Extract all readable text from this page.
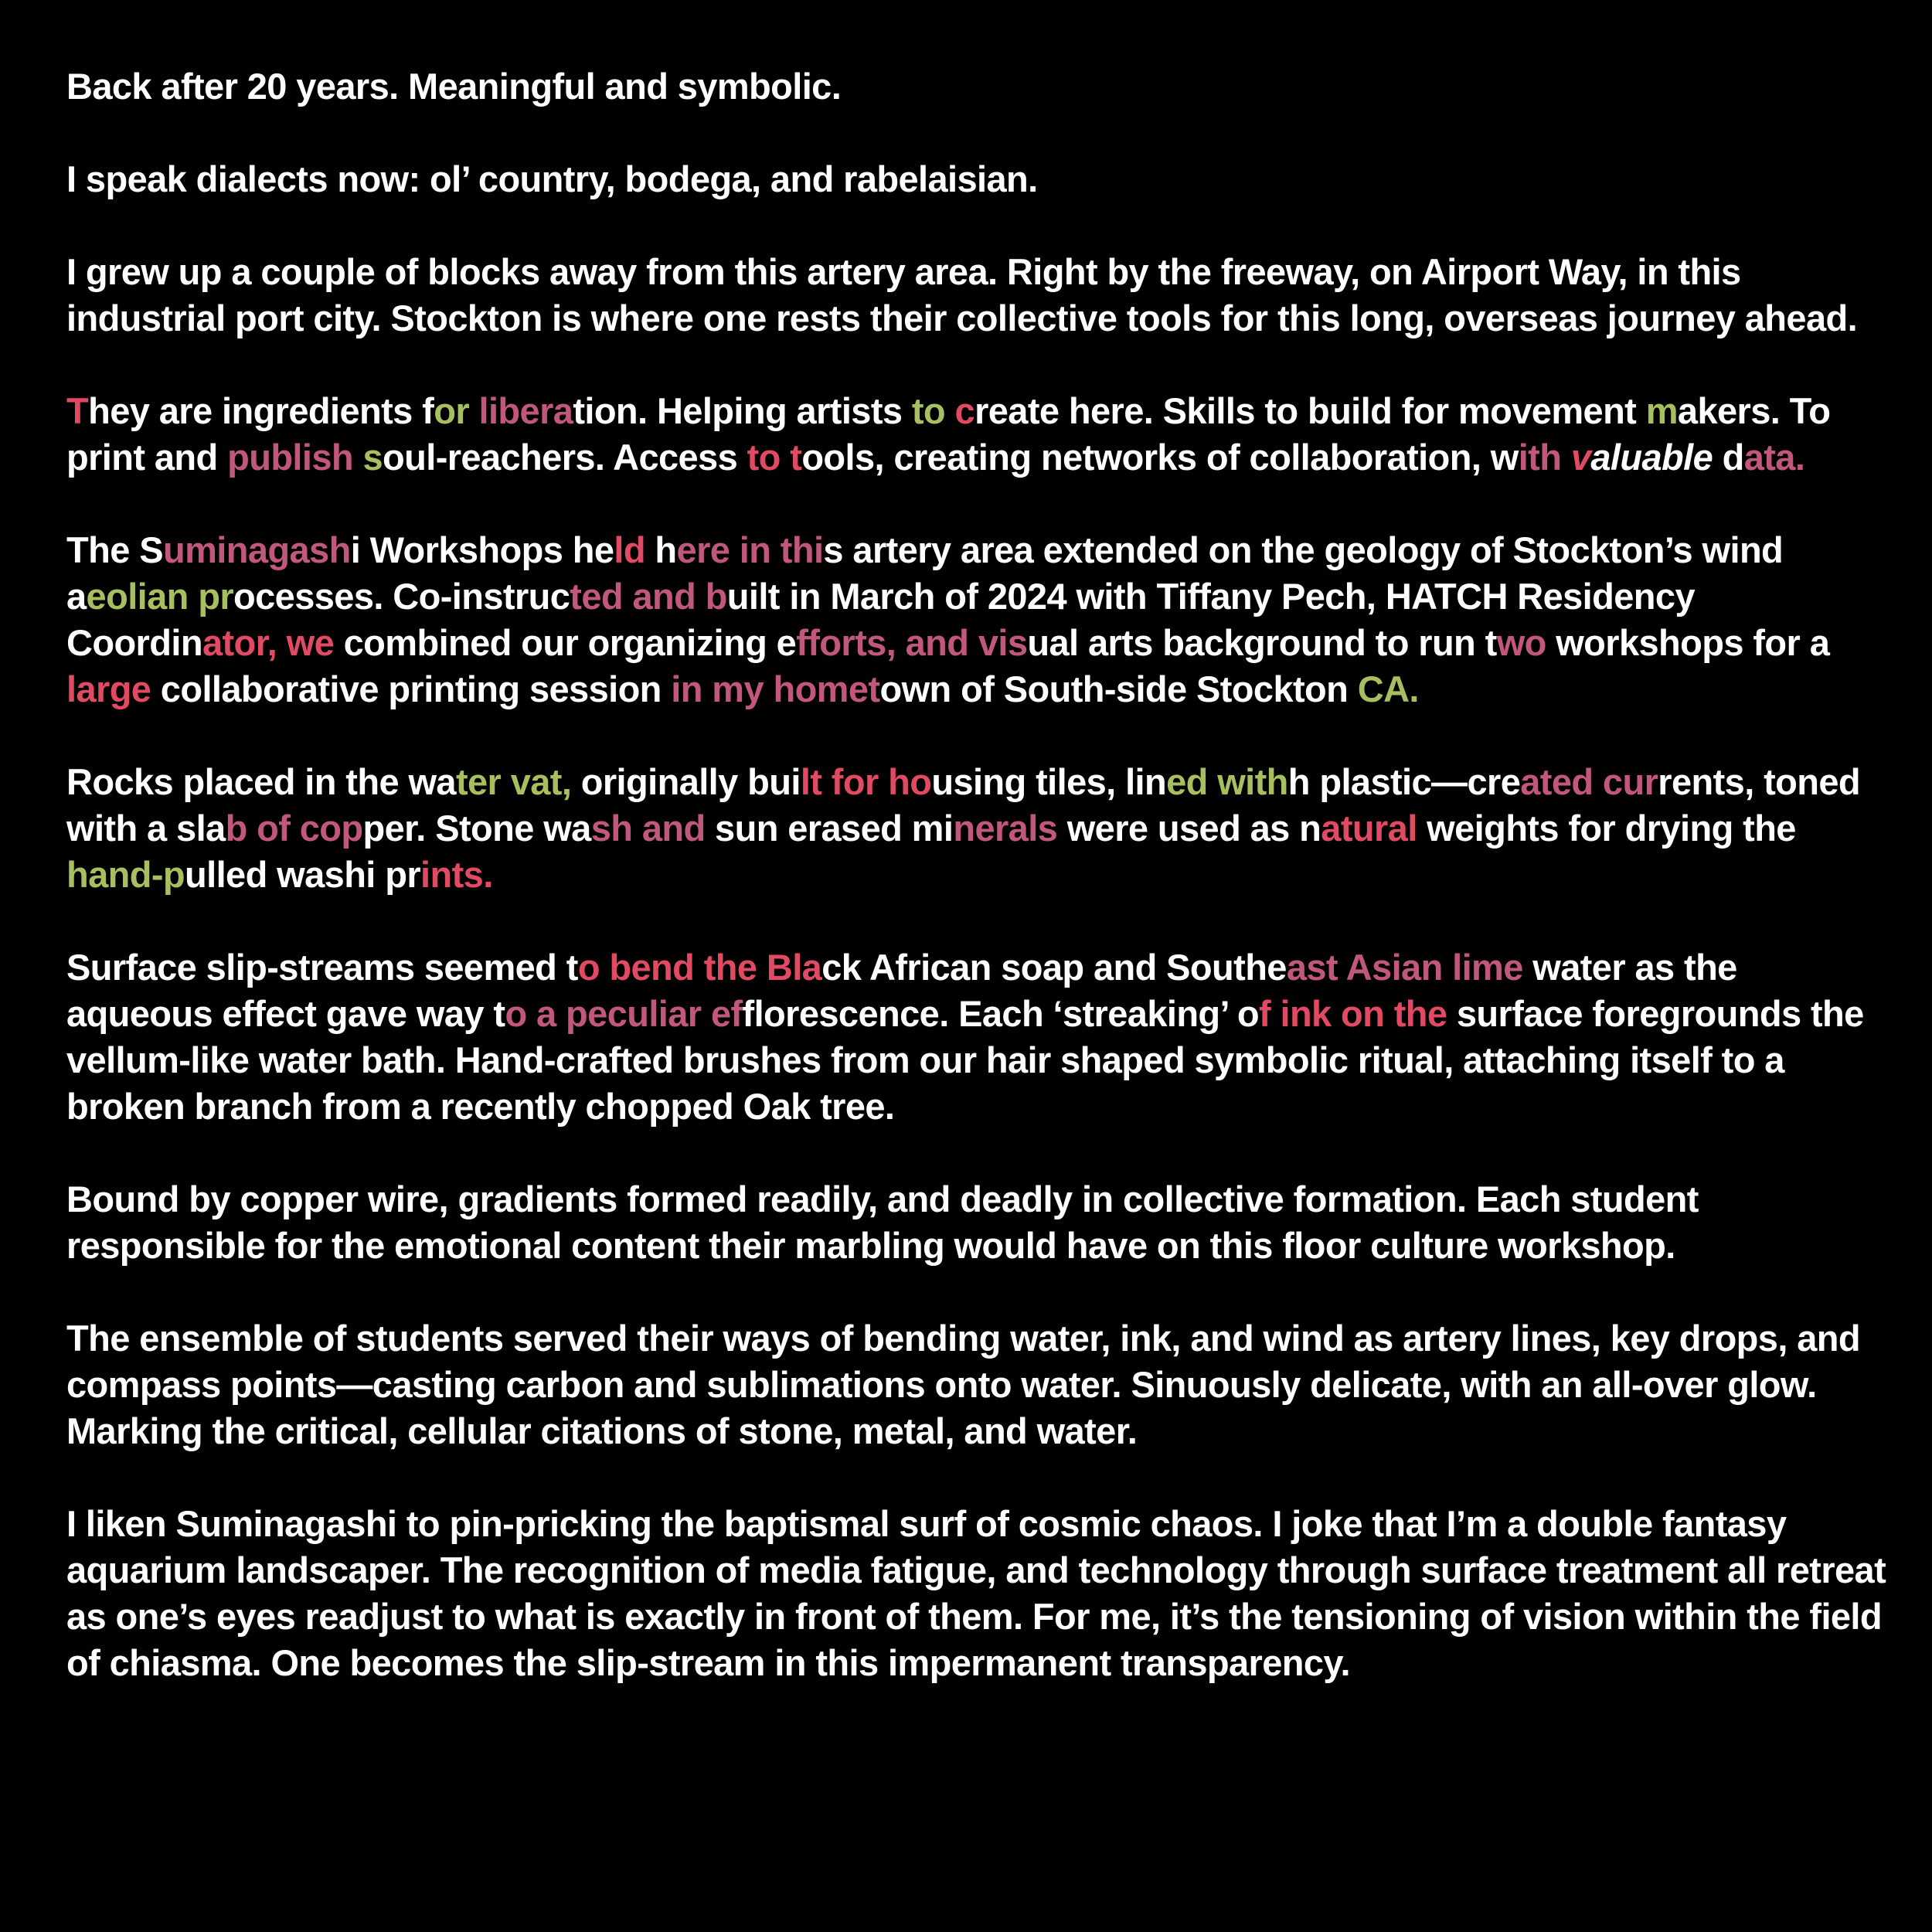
Back after 20 years. Meaningful and symbolic.

I speak dialects now: ol’ country, bodega, and rabelaisian.

I grew up a couple of blocks away from this artery area. Right by the freeway, on Airport Way, in this industrial port city. Stockton is where one rests their collective tools for this long, overseas journey ahead.

They are ingredients for liberation. Helping artists to create here. Skills to build for movement makers. To print and publish soul-reachers. Access to tools, creating networks of collaboration, with valuable data.

The Suminagashi Workshops held here in this artery area extended on the geology of Stockton’s wind aeolian processes. Co-instructed and built in March of 2024 with Tiffany Pech, HATCH Residency Coordinator, we combined our organizing efforts, and visual arts background to run two workshops for a large collaborative printing session in my hometown of South-side Stockton CA.

Rocks placed in the water vat, originally built for housing tiles, lined withh plastic—created currents, toned with a slab of copper. Stone wash and sun erased minerals were used as natural weights for drying the hand-pulled washi prints.

Surface slip-streams seemed to bend the Black African soap and Southeast Asian lime water as the aqueous effect gave way to a peculiar efflorescence. Each ‘streaking’ of ink on the surface foregrounds the vellum-like water bath. Hand-crafted brushes from our hair shaped symbolic ritual, attaching itself to a broken branch from a recently chopped Oak tree.

Bound by copper wire, gradients formed readily, and deadly in collective formation. Each student responsible for the emotional content their marbling would have on this floor culture workshop.

The ensemble of students served their ways of bending water, ink, and wind as artery lines, key drops, and compass points—casting carbon and sublimations onto water. Sinuously delicate, with an all-over glow. Marking the critical, cellular citations of stone, metal, and water.

I liken Suminagashi to pin-pricking the baptismal surf of cosmic chaos. I joke that I’m a double fantasy aquarium landscaper. The recognition of media fatigue, and technology through surface treatment all retreat as one’s eyes readjust to what is exactly in front of them. For me, it’s the tensioning of vision within the field of chiasma. One becomes the slip-stream in this impermanent transparency.
